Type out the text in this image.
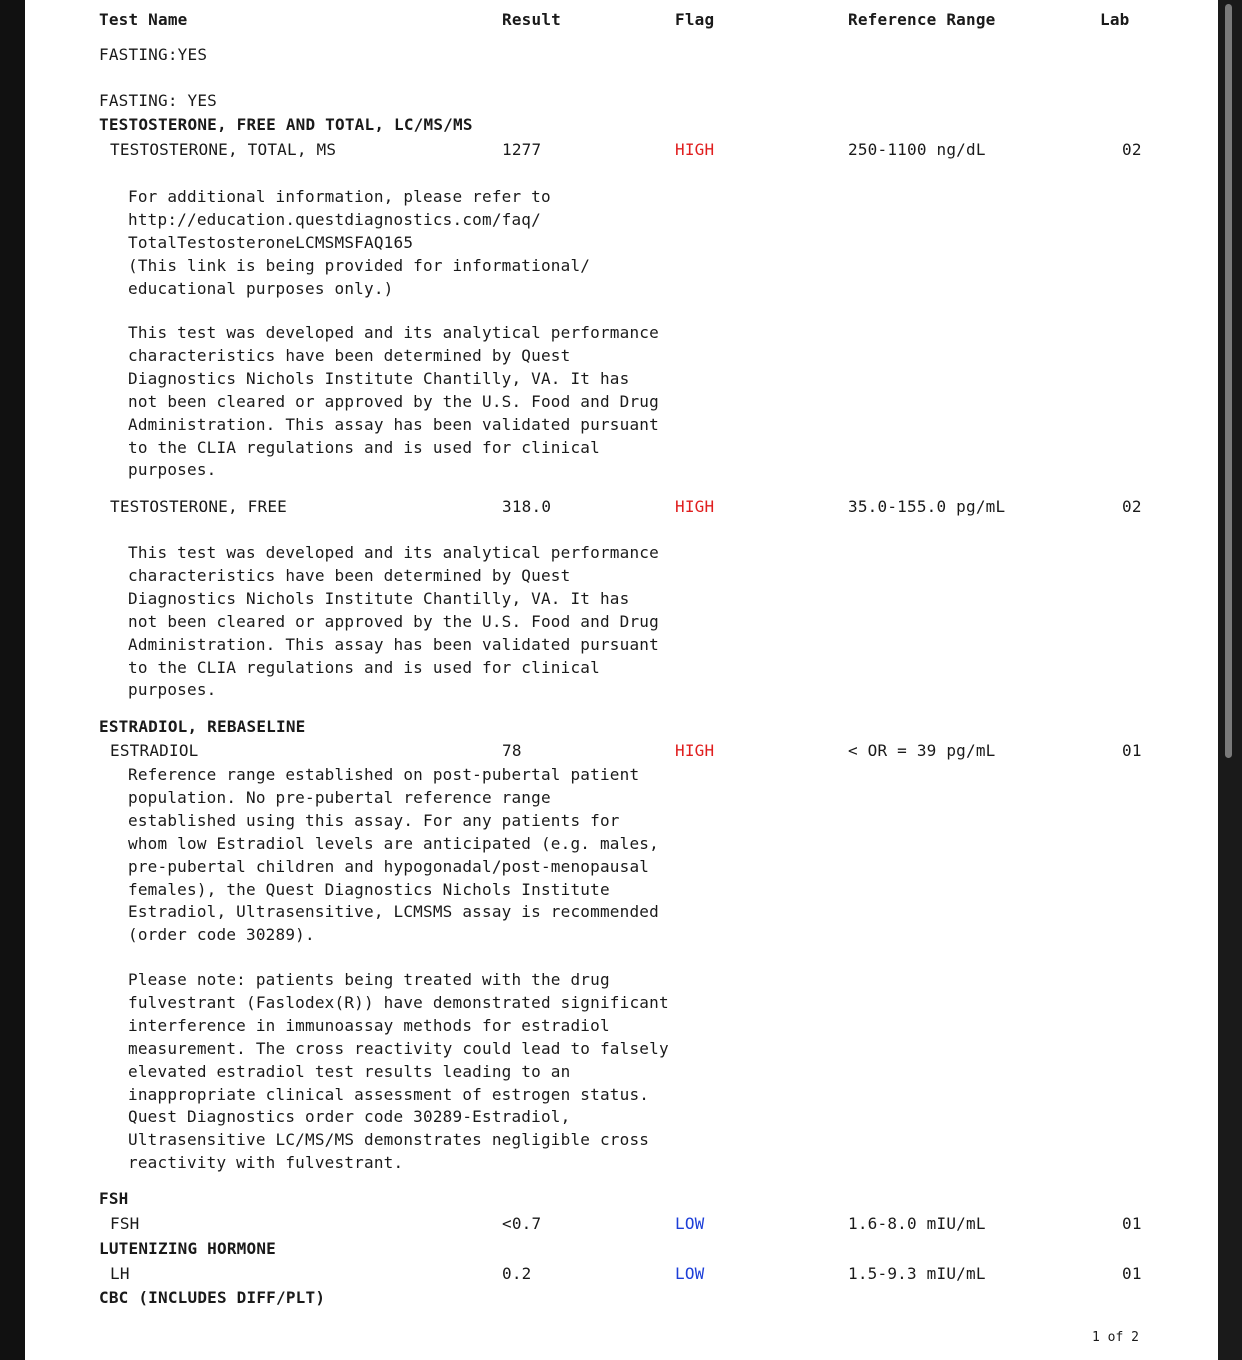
Test Name	Result	Flag	Reference Range	Lab
FASTING:YES
FASTING: YES
TESTOSTERONE, FREE AND TOTAL, LC/MS/MS
TESTOSTERONE, TOTAL, MS	1277	HIGH	250-1100 ng/dL	02
For additional information, please refer to
http://education.questdiagnostics.com/faq/
TotalTestosteroneLCMSMSFAQ165
(This link is being provided for informational/
educational purposes only.)
This test was developed and its analytical performance
characteristics have been determined by Quest
Diagnostics Nichols Institute Chantilly, VA. It has
not been cleared or approved by the U.S. Food and Drug
Administration. This assay has been validated pursuant
to the CLIA regulations and is used for clinical
purposes.
TESTOSTERONE, FREE	318.0	HIGH	35.0-155.0 pg/mL	02
This test was developed and its analytical performance
characteristics have been determined by Quest
Diagnostics Nichols Institute Chantilly, VA. It has
not been cleared or approved by the U.S. Food and Drug
Administration. This assay has been validated pursuant
to the CLIA regulations and is used for clinical
purposes.
ESTRADIOL, REBASELINE
ESTRADIOL	78	HIGH	< OR = 39 pg/mL	01
Reference range established on post-pubertal patient
population. No pre-pubertal reference range
established using this assay. For any patients for
whom low Estradiol levels are anticipated (e.g. males,
pre-pubertal children and hypogonadal/post-menopausal
females), the Quest Diagnostics Nichols Institute
Estradiol, Ultrasensitive, LCMSMS assay is recommended
(order code 30289).
Please note: patients being treated with the drug
fulvestrant (Faslodex(R)) have demonstrated significant
interference in immunoassay methods for estradiol
measurement. The cross reactivity could lead to falsely
elevated estradiol test results leading to an
inappropriate clinical assessment of estrogen status.
Quest Diagnostics order code 30289-Estradiol,
Ultrasensitive LC/MS/MS demonstrates negligible cross
reactivity with fulvestrant.
FSH
FSH	<0.7	LOW	1.6-8.0 mIU/mL	01
LUTENIZING HORMONE
LH	0.2	LOW	1.5-9.3 mIU/mL	01
CBC (INCLUDES DIFF/PLT)
1 of 2
